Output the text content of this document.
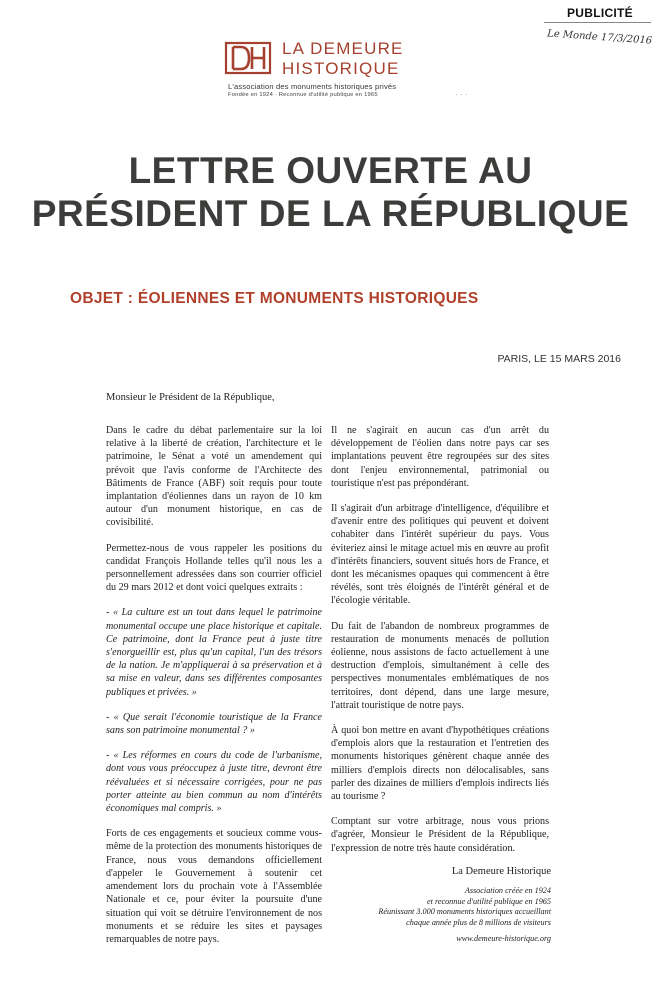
PUBLICITÉ
Le Monde 17/3/2016
LA DEMEURE
HISTORIQUE
L'association des monuments historiques privés
Fondée en 1924 · Reconnue d'utilité publique en 1965	· · ·
LETTRE OUVERTE AU
PRÉSIDENT DE LA RÉPUBLIQUE
OBJET : ÉOLIENNES ET MONUMENTS HISTORIQUES
PARIS, LE 15 MARS 2016
Monsieur le Président de la République,

Dans le cadre du débat parlementaire sur la loi relative à la liberté de création, l'architecture et le patrimoine, le Sénat a voté un amendement qui prévoit que l'avis conforme de l'Architecte des Bâtiments de France (ABF) soit requis pour toute implantation d'éoliennes dans un rayon de 10 km autour d'un monument historique, en cas de covisibilité.

Permettez-nous de vous rappeler les positions du candidat François Hollande telles qu'il nous les a personnellement adressées dans son courrier officiel du 29 mars 2012 et dont voici quelques extraits :

- « La culture est un tout dans lequel le patrimoine monumental occupe une place historique et capitale. Ce patrimoine, dont la France peut à juste titre s'enorgueillir est, plus qu'un capital, l'un des trésors de la nation. Je m'appliquerai à sa préservation et à sa mise en valeur, dans ses différentes composantes publiques et privées. »

- « Que serait l'économie touristique de la France sans son patrimoine monumental ? »

- « Les réformes en cours du code de l'urbanisme, dont vous vous préoccupez à juste titre, devront être réévaluées et si nécessaire corrigées, pour ne pas porter atteinte au bien commun au nom d'intérêts économiques mal compris. »

Forts de ces engagements et soucieux comme vous-même de la protection des monuments historiques de France, nous vous demandons officiellement d'appeler le Gouvernement à soutenir cet amendement lors du prochain vote à l'Assemblée Nationale et ce, pour éviter la poursuite d'une situation qui voit se détruire l'environnement de nos monuments et se réduire les sites et paysages remarquables de notre pays.

Il ne s'agirait en aucun cas d'un arrêt du développement de l'éolien dans notre pays car ses implantations peuvent être regroupées sur des sites dont l'enjeu environnemental, patrimonial ou touristique n'est pas prépondérant.

Il s'agirait d'un arbitrage d'intelligence, d'équilibre et d'avenir entre des politiques qui peuvent et doivent cohabiter dans l'intérêt supérieur du pays. Vous éviteriez ainsi le mitage actuel mis en œuvre au profit d'intérêts financiers, souvent situés hors de France, et dont les mécanismes opaques qui commencent à être révélés, sont très éloignés de l'intérêt général et de l'écologie véritable.

Du fait de l'abandon de nombreux programmes de restauration de monuments menacés de pollution éolienne, nous assistons de facto actuellement à une destruction d'emplois, simultanément à celle des perspectives monumentales emblématiques de nos territoires, dont dépend, dans une large mesure, l'attrait touristique de notre pays.

À quoi bon mettre en avant d'hypothétiques créations d'emplois alors que la restauration et l'entretien des monuments historiques génèrent chaque année des milliers d'emplois directs non délocalisables, sans parler des dizaines de milliers d'emplois indirects liés au tourisme ?

Comptant sur votre arbitrage, nous vous prions d'agréer, Monsieur le Président de la République, l'expression de notre très haute considération.

La Demeure Historique
Association créée en 1924
et reconnue d'utilité publique en 1965
Réunissant 3.000 monuments historiques accueillant
chaque année plus de 8 millions de visiteurs
www.demeure-historique.org
